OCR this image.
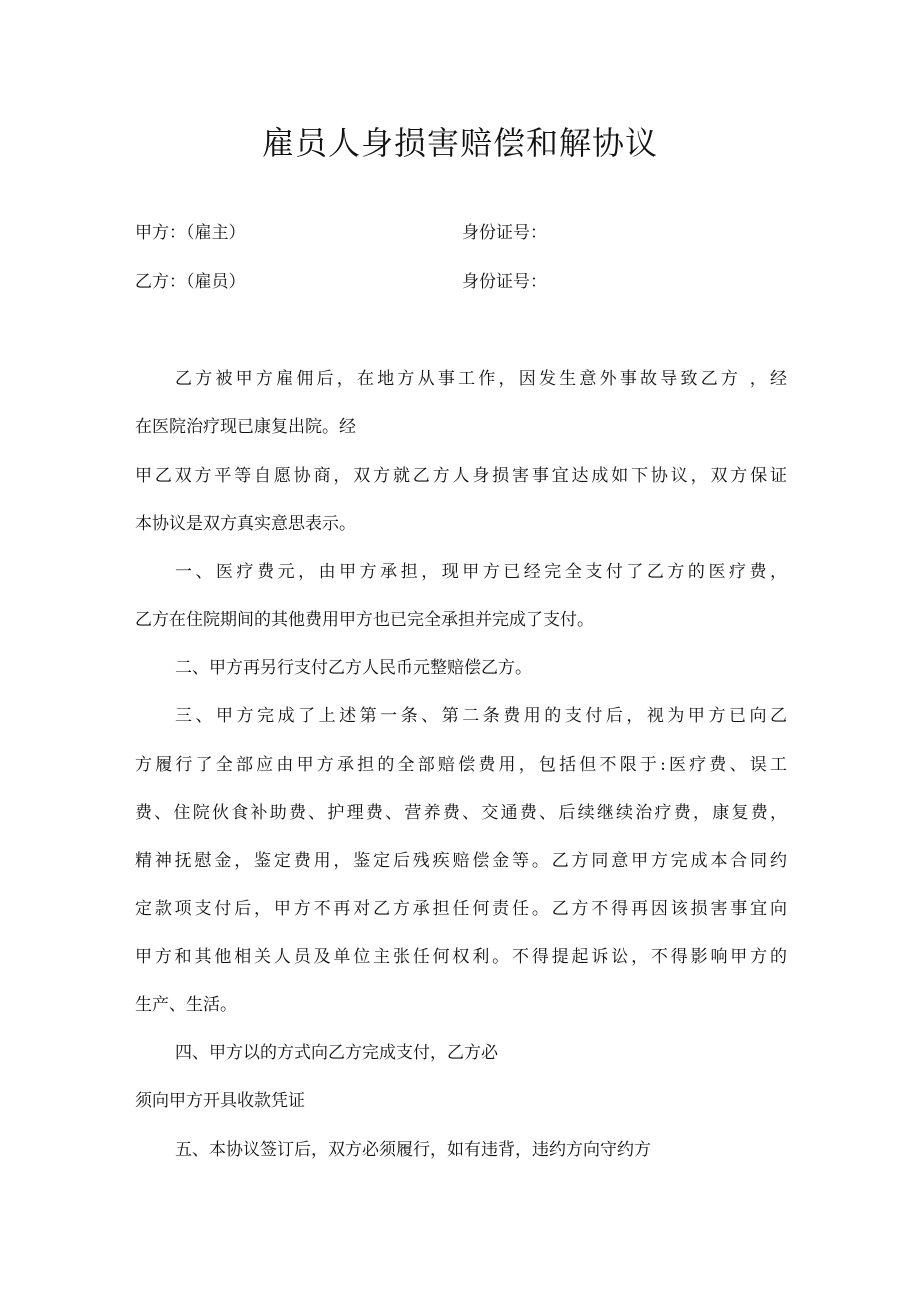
雇员人身损害赔偿和解协议
甲方：（雇主）	身份证号：
乙方：（雇员）	身份证号：
乙方被甲方雇佣后，在地方从事工作，因发生意外事故导致乙方 ，经
在医院治疗现已康复出院。经
甲乙双方平等自愿协商，双方就乙方人身损害事宜达成如下协议，双方保证
本协议是双方真实意思表示。
一、医疗费元，由甲方承担，现甲方已经完全支付了乙方的医疗费，
乙方在住院期间的其他费用甲方也已完全承担并完成了支付。
二、甲方再另行支付乙方人民币元整赔偿乙方。
三、甲方完成了上述第一条、第二条费用的支付后，视为甲方已向乙
方履行了全部应由甲方承担的全部赔偿费用，包括但不限于:医疗费、误工
费、住院伙食补助费、护理费、营养费、交通费、后续继续治疗费，康复费，
精神抚慰金，鉴定费用，鉴定后残疾赔偿金等。乙方同意甲方完成本合同约
定款项支付后，甲方不再对乙方承担任何责任。乙方不得再因该损害事宜向
甲方和其他相关人员及单位主张任何权利。不得提起诉讼，不得影响甲方的
生产、生活。
四、甲方以的方式向乙方完成支付，乙方必
须向甲方开具收款凭证
五、本协议签订后，双方必须履行，如有违背，违约方向守约方
